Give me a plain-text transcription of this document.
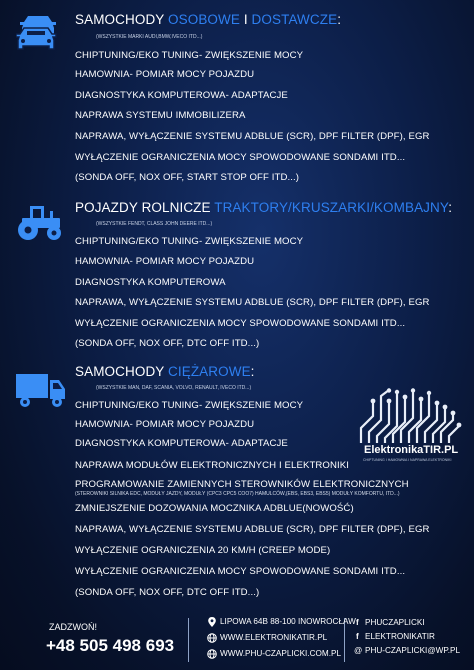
SAMOCHODY OSOBOWE I DOSTAWCZE:
(WSZYSTKIE MARKI AUDI,BMW,IVECO ITD...)
CHIPTUNING/EKO TUNING- ZWIĘKSZENIE MOCY
HAMOWNIA- POMIAR MOCY POJAZDU
DIAGNOSTYKA KOMPUTEROWA- ADAPTACJE
NAPRAWA SYSTEMU IMMOBILIZERA
NAPRAWA, WYŁĄCZENIE SYSTEMU ADBLUE (SCR), DPF FILTER (DPF), EGR
WYŁĄCZENIE OGRANICZENIA MOCY SPOWODOWANE SONDAMI ITD...
(SONDA OFF, NOX OFF, START STOP OFF ITD...)
POJAZDY ROLNICZE TRAKTORY/KRUSZARKI/KOMBAJNY:
(WSZYSTKIE FENDT, CLASS JOHN DEERE ITD...)
CHIPTUNING/EKO TUNING- ZWIĘKSZENIE MOCY
HAMOWNIA- POMIAR MOCY POJAZDU
DIAGNOSTYKA KOMPUTEROWA
NAPRAWA, WYŁĄCZENIE SYSTEMU ADBLUE (SCR), DPF FILTER (DPF), EGR
WYŁĄCZENIE OGRANICZENIA MOCY SPOWODOWANE SONDAMI ITD...
(SONDA OFF, NOX OFF, DTC OFF ITD...)
SAMOCHODY CIĘŻAROWE:
(WSZYSTKIE MAN, DAF, SCANIA, VOLVO, RENAULT, IVECO ITD...)
CHIPTUNING/EKO TUNING- ZWIĘKSZENIE MOCY
HAMOWNIA- POMIAR MOCY POJAZDU
DIAGNOSTYKA KOMPUTEROWA- ADAPTACJE
NAPRAWA MODUŁÓW ELEKTRONICZNYCH I ELEKTRONIKI
PROGRAMOWANIE ZAMIENNYCH STEROWNIKÓW ELEKTRONICZNYCH
(STEROWNIKI SILNIKA EDC, MODUŁY JAZDY, MODUŁY (CPC3 CPC5 COO7) HAMULCÓW,(EBS, EBS3, EBS5) MODUŁY KOMFORTU, ITD...)
ZMNIEJSZENIE DOZOWANIA MOCZNIKA ADBLUE(NOWOŚĆ)
NAPRAWA, WYŁĄCZENIE SYSTEMU ADBLUE (SCR), DPF FILTER (DPF), EGR
WYŁĄCZENIE OGRANICZENIA 20 KM/H (CREEP MODE)
WYŁĄCZENIE OGRANICZENIA MOCY SPOWODOWANE SONDAMI ITD...
(SONDA OFF, NOX OFF, DTC OFF ITD...)
ElektronikaTIR.PL
CHIPTUNING I HAMOWNIA I NAPRAWA ELEKTRONIKI
ZADZWOŃ!
+48 505 498 693
LIPOWA 64B 88-100 INOWROCŁAW
WWW.ELEKTRONIKATIR.PL
WWW.PHU-CZAPLICKI.COM.PL
f PHUCZAPLICKI
f ELEKTRONIKATIR
@ PHU-CZAPLICKI@WP.PL
